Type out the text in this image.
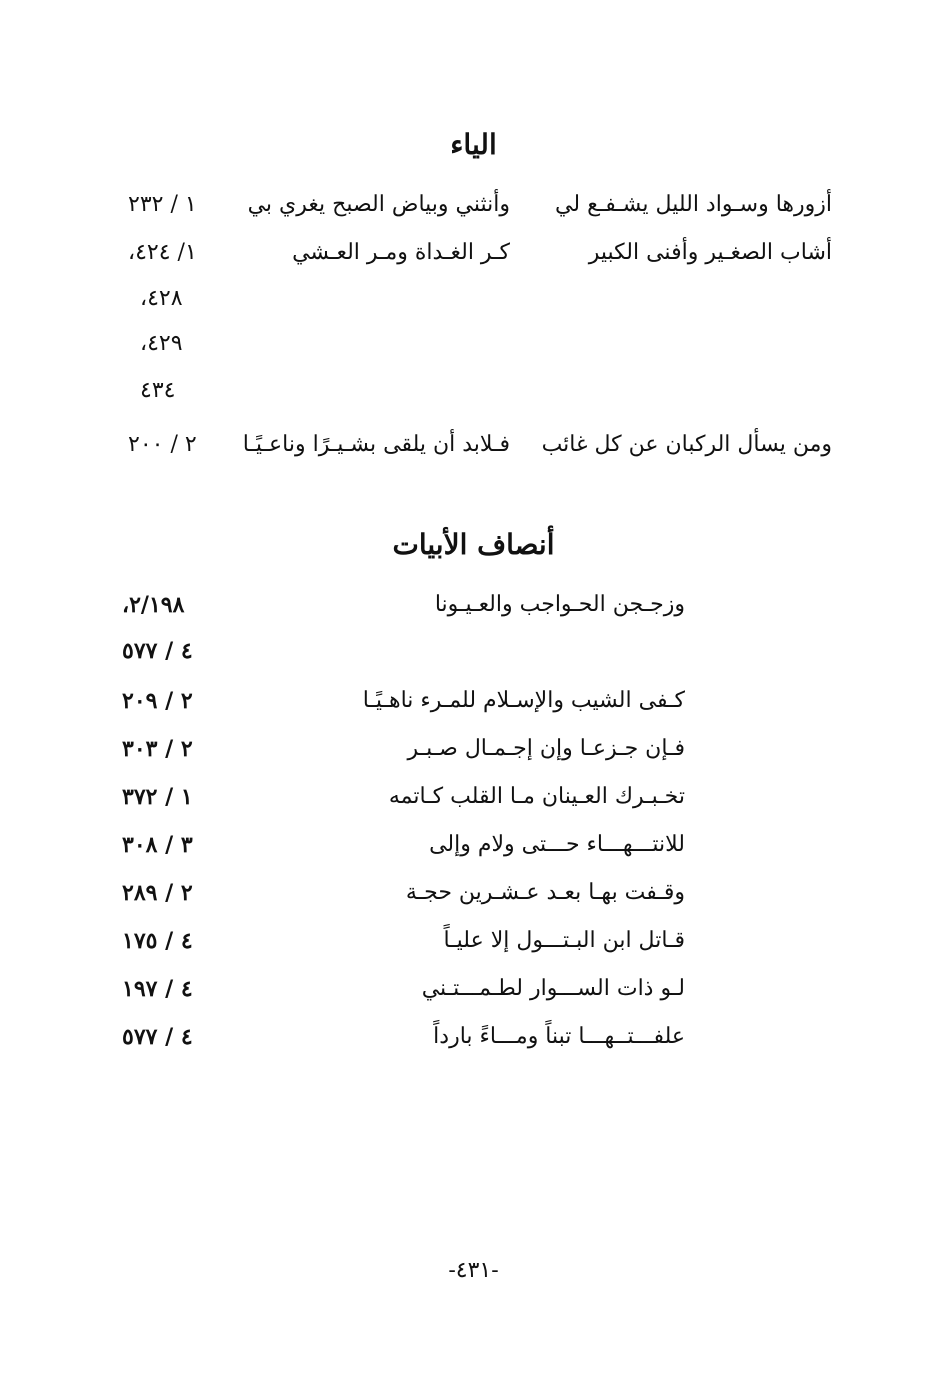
الياء
أزورها وسـواد الليل يشـفـع لي
وأنثني وبياض الصبح يغري بي
١ / ٢٣٢
أشاب الصغـير وأفنى الكبير
كـر الغـداة ومـر العـشي
١/ ٤٢٤،
٤٢٨،
٤٢٩،
٤٣٤
ومن يسأل الركبان عن كل غائب
فـلابد أن يلقى بشـيـرًا وناعـيًـا
٢ / ٢٠٠
أنصاف الأبيات
وزجـجن الحـواجب والعـيـونا
٢/١٩٨،
٤ / ٥٧٧
كـفى الشيب والإسـلام للمـرء ناهـيًـا
٢ / ٢٠٩
فـإن جـزعـا وإن إجـمـال صـبـر
٢ / ٣٠٣
تخـبـرك العـينان مـا القلب كـاتمه
١ / ٣٧٢
للانتـــهـــاء حـــتى ولام وإلى
٣ / ٣٠٨
وقـفت بهـا بعـد عـشـرين حجـة
٢ / ٢٨٩
قـاتل ابن البـتـــول إلا عليـاً
٤ / ١٧٥
لـو ذات الســـوار لطـمـــتـني
٤ / ١٩٧
علفـــتــهـــا تبناً ومـــاءً بارداً
٤ / ٥٧٧
-٤٣١-
